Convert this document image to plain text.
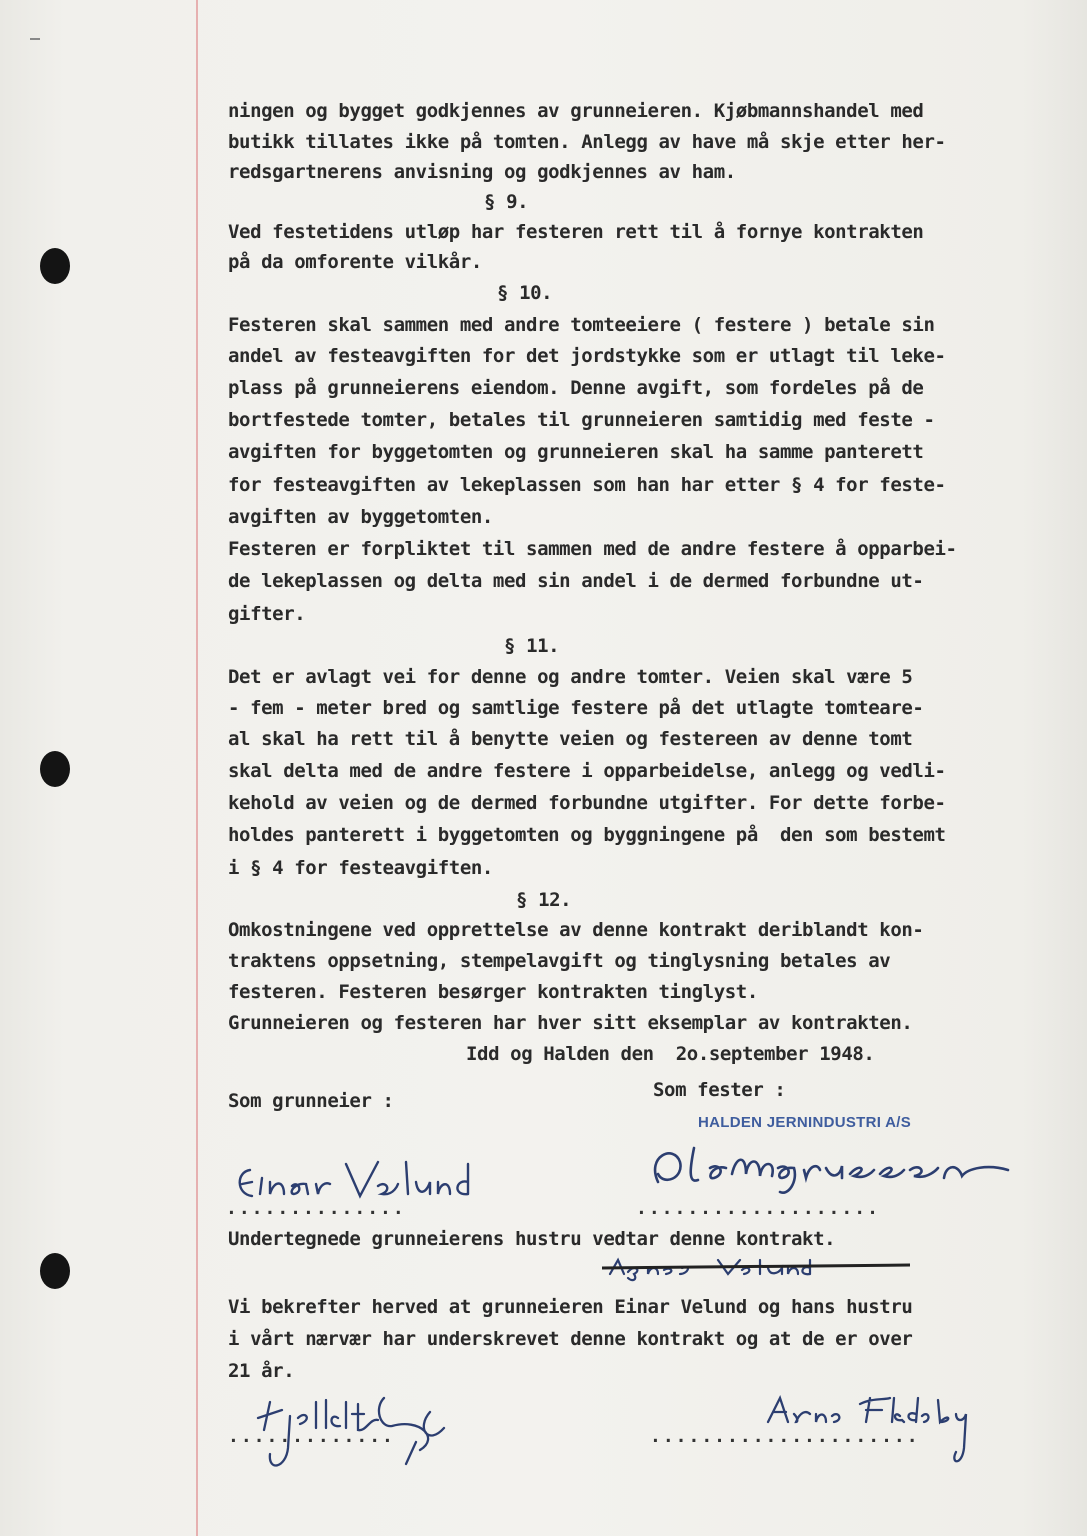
ningen og bygget godkjennes av grunneieren. Kjøbmannshandel med

butikk tillates ikke på tomten. Anlegg av have må skje etter her-

redsgartnerens anvisning og godkjennes av ham.

§ 9.

Ved festetidens utløp har festeren rett til å fornye kontrakten

på da omforente vilkår.

§ 10.

Festeren skal sammen med andre tomteeiere ( festere ) betale sin

andel av festeavgiften for det jordstykke som er utlagt til leke-

plass på grunneierens eiendom. Denne avgift, som fordeles på de

bortfestede tomter, betales til grunneieren samtidig med feste -

avgiften for byggetomten og grunneieren skal ha samme panterett

for festeavgiften av lekeplassen som han har etter § 4 for feste-

avgiften av byggetomten.

Festeren er forpliktet til sammen med de andre festere å opparbei-

de lekeplassen og delta med sin andel i de dermed forbundne ut-

gifter.

§ 11.

Det er avlagt vei for denne og andre tomter. Veien skal være 5

- fem - meter bred og samtlige festere på det utlagte tomteare-

al skal ha rett til å benytte veien og festereen av denne tomt

skal delta med de andre festere i opparbeidelse, anlegg og vedli-

kehold av veien og de dermed forbundne utgifter. For dette forbe-

holdes panterett i byggetomten og byggningene på  den som bestemt

i § 4 for festeavgiften.

§ 12.

Omkostningene ved opprettelse av denne kontrakt deriblandt kon-

traktens oppsetning, stempelavgift og tinglysning betales av

festeren. Festeren besørger kontrakten tinglyst.

Grunneieren og festeren har hver sitt eksemplar av kontrakten.

Idd og Halden den  2o.september 1948.

Som fester :

Som grunneier :

HALDEN JERNINDUSTRI A/S

...................

..............

Undertegnede grunneierens hustru vedtar denne kontrakt.

Vi bekrefter herved at grunneieren Einar Velund og hans hustru

i vårt nærvær har underskrevet denne kontrakt og at de er over

21 år.

.............	.....................
